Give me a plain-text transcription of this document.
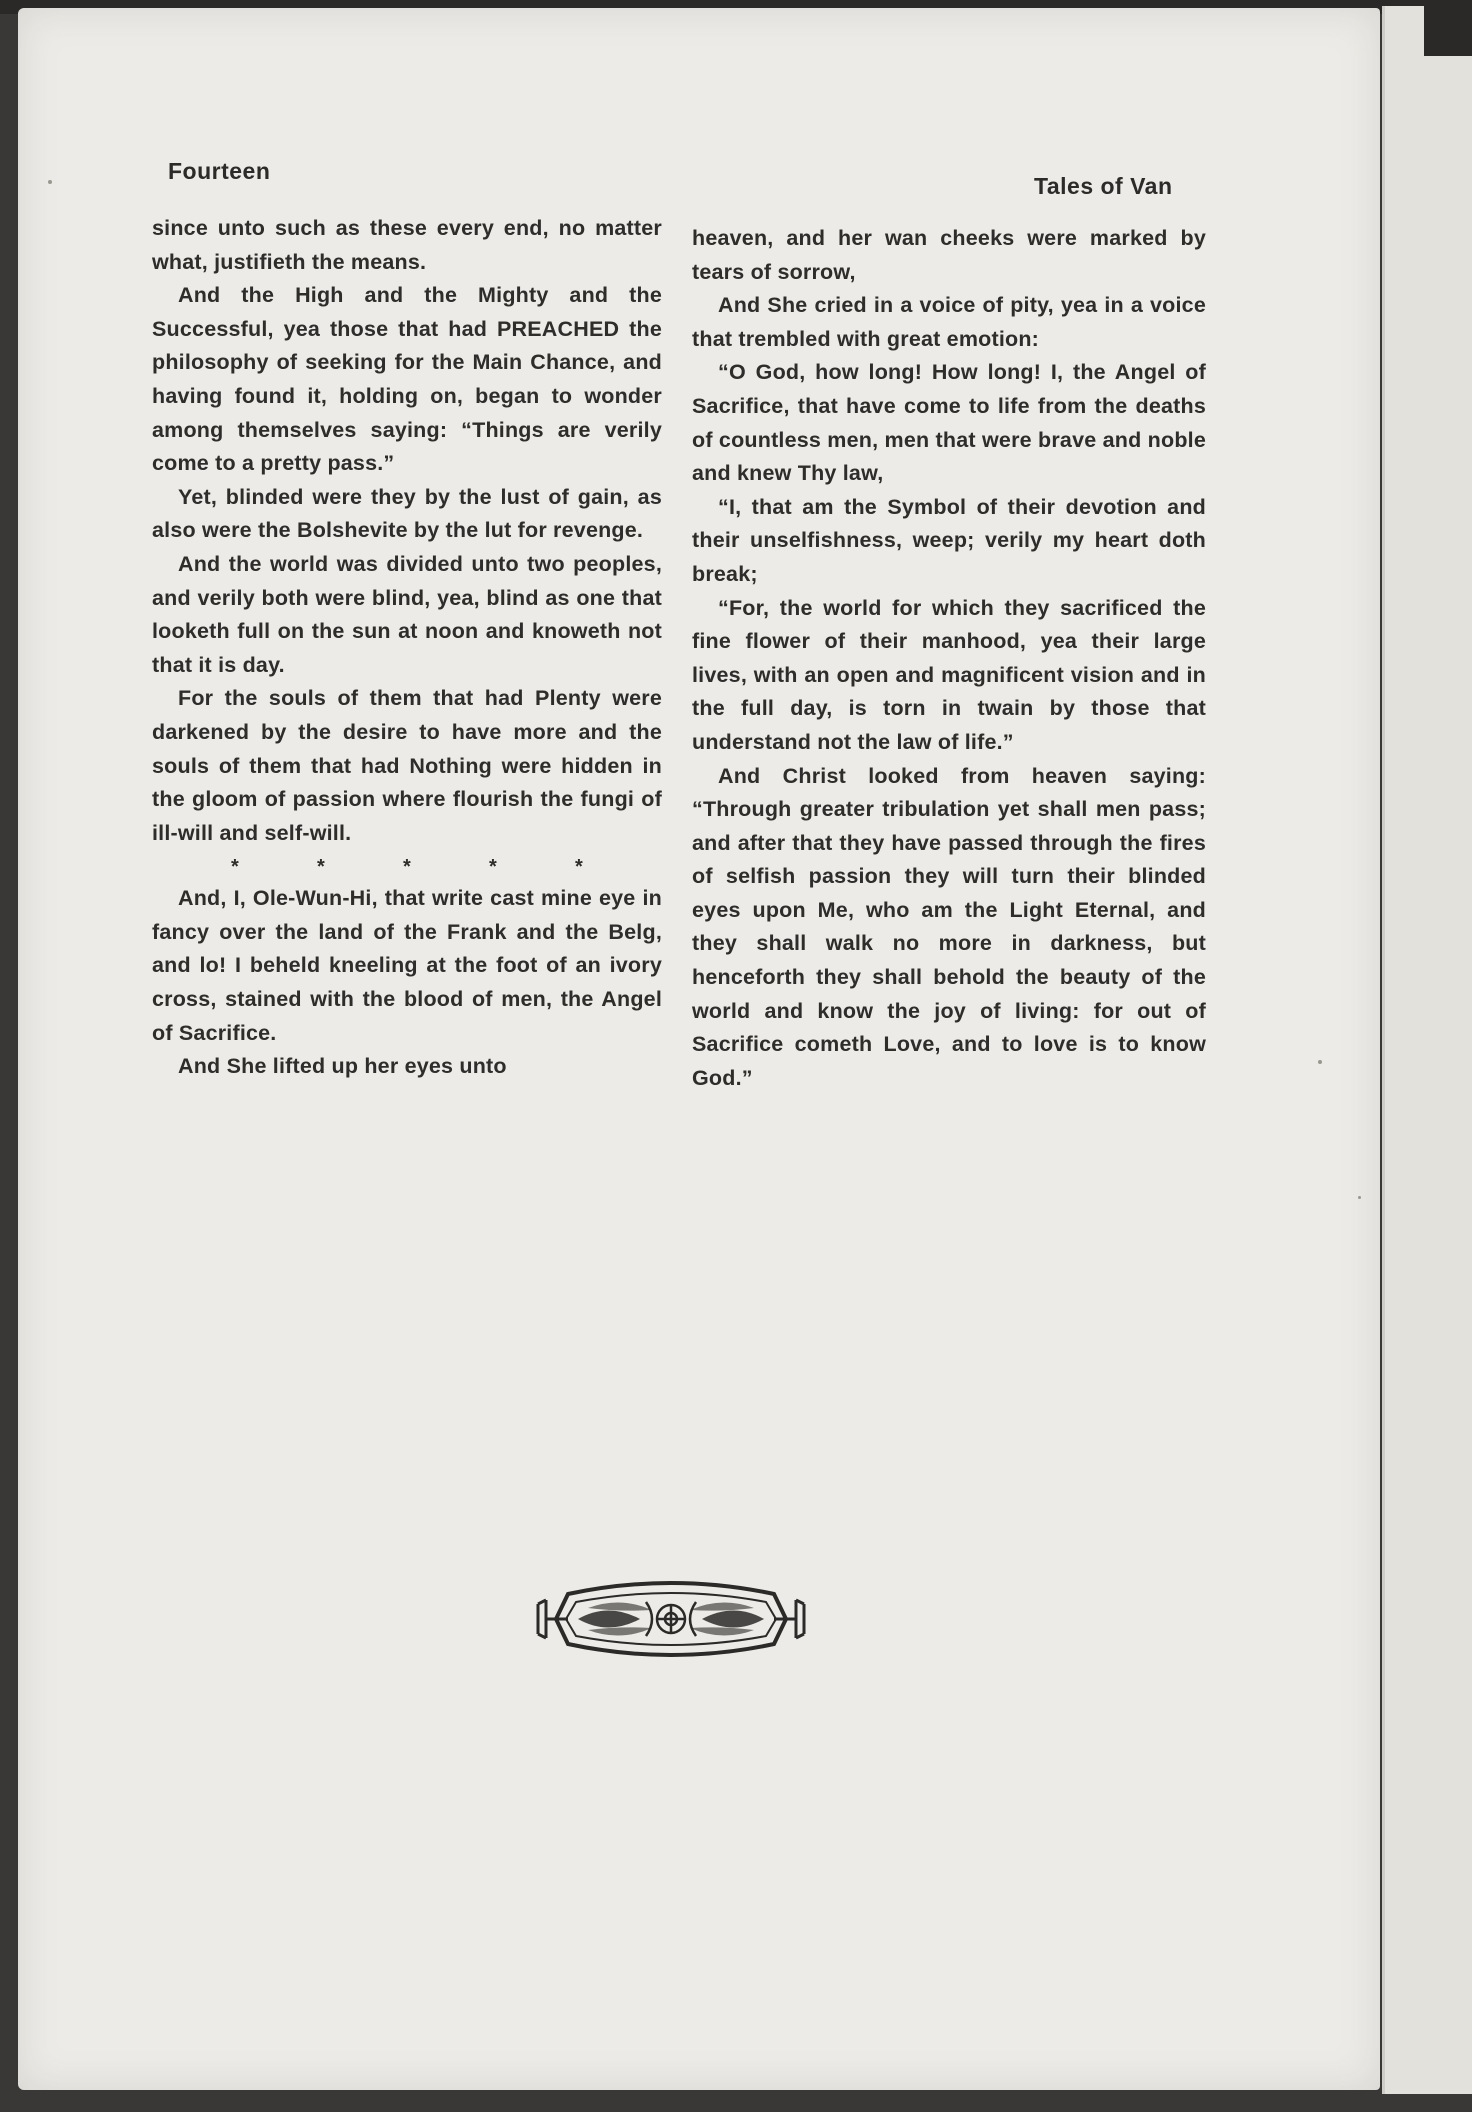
Fourteen
Tales of Van

since unto such as these every end, no matter what, justifieth the means.

And the High and the Mighty and the Successful, yea those that had PREACHED the philosophy of seeking for the Main Chance, and having found it, holding on, began to wonder among themselves saying: “Things are verily come to a pretty pass.”

Yet, blinded were they by the lust of gain, as also were the Bolshevite by the lut for revenge.

And the world was divided unto two peoples, and verily both were blind, yea, blind as one that looketh full on the sun at noon and knoweth not that it is day.

For the souls of them that had Plenty were darkened by the desire to have more and the souls of them that had Nothing were hidden in the gloom of passion where flourish the fungi of ill-will and self-will.

*	*	*	*	*

And, I, Ole-Wun-Hi, that write cast mine eye in fancy over the land of the Frank and the Belg, and lo! I beheld kneeling at the foot of an ivory cross, stained with the blood of men, the Angel of Sacrifice.

And She lifted up her eyes unto

heaven, and her wan cheeks were marked by tears of sorrow,

And She cried in a voice of pity, yea in a voice that trembled with great emotion:

“O God, how long! How long! I, the Angel of Sacrifice, that have come to life from the deaths of countless men, men that were brave and noble and knew Thy law,

“I, that am the Symbol of their devotion and their unselfishness, weep; verily my heart doth break;

“For, the world for which they sacrificed the fine flower of their manhood, yea their large lives, with an open and magnificent vision and in the full day, is torn in twain by those that understand not the law of life.”

And Christ looked from heaven saying: “Through greater tribulation yet shall men pass; and after that they have passed through the fires of selfish passion they will turn their blinded eyes upon Me, who am the Light Eternal, and they shall walk no more in darkness, but henceforth they shall behold the beauty of the world and know the joy of living: for out of Sacrifice cometh Love, and to love is to know God.”
